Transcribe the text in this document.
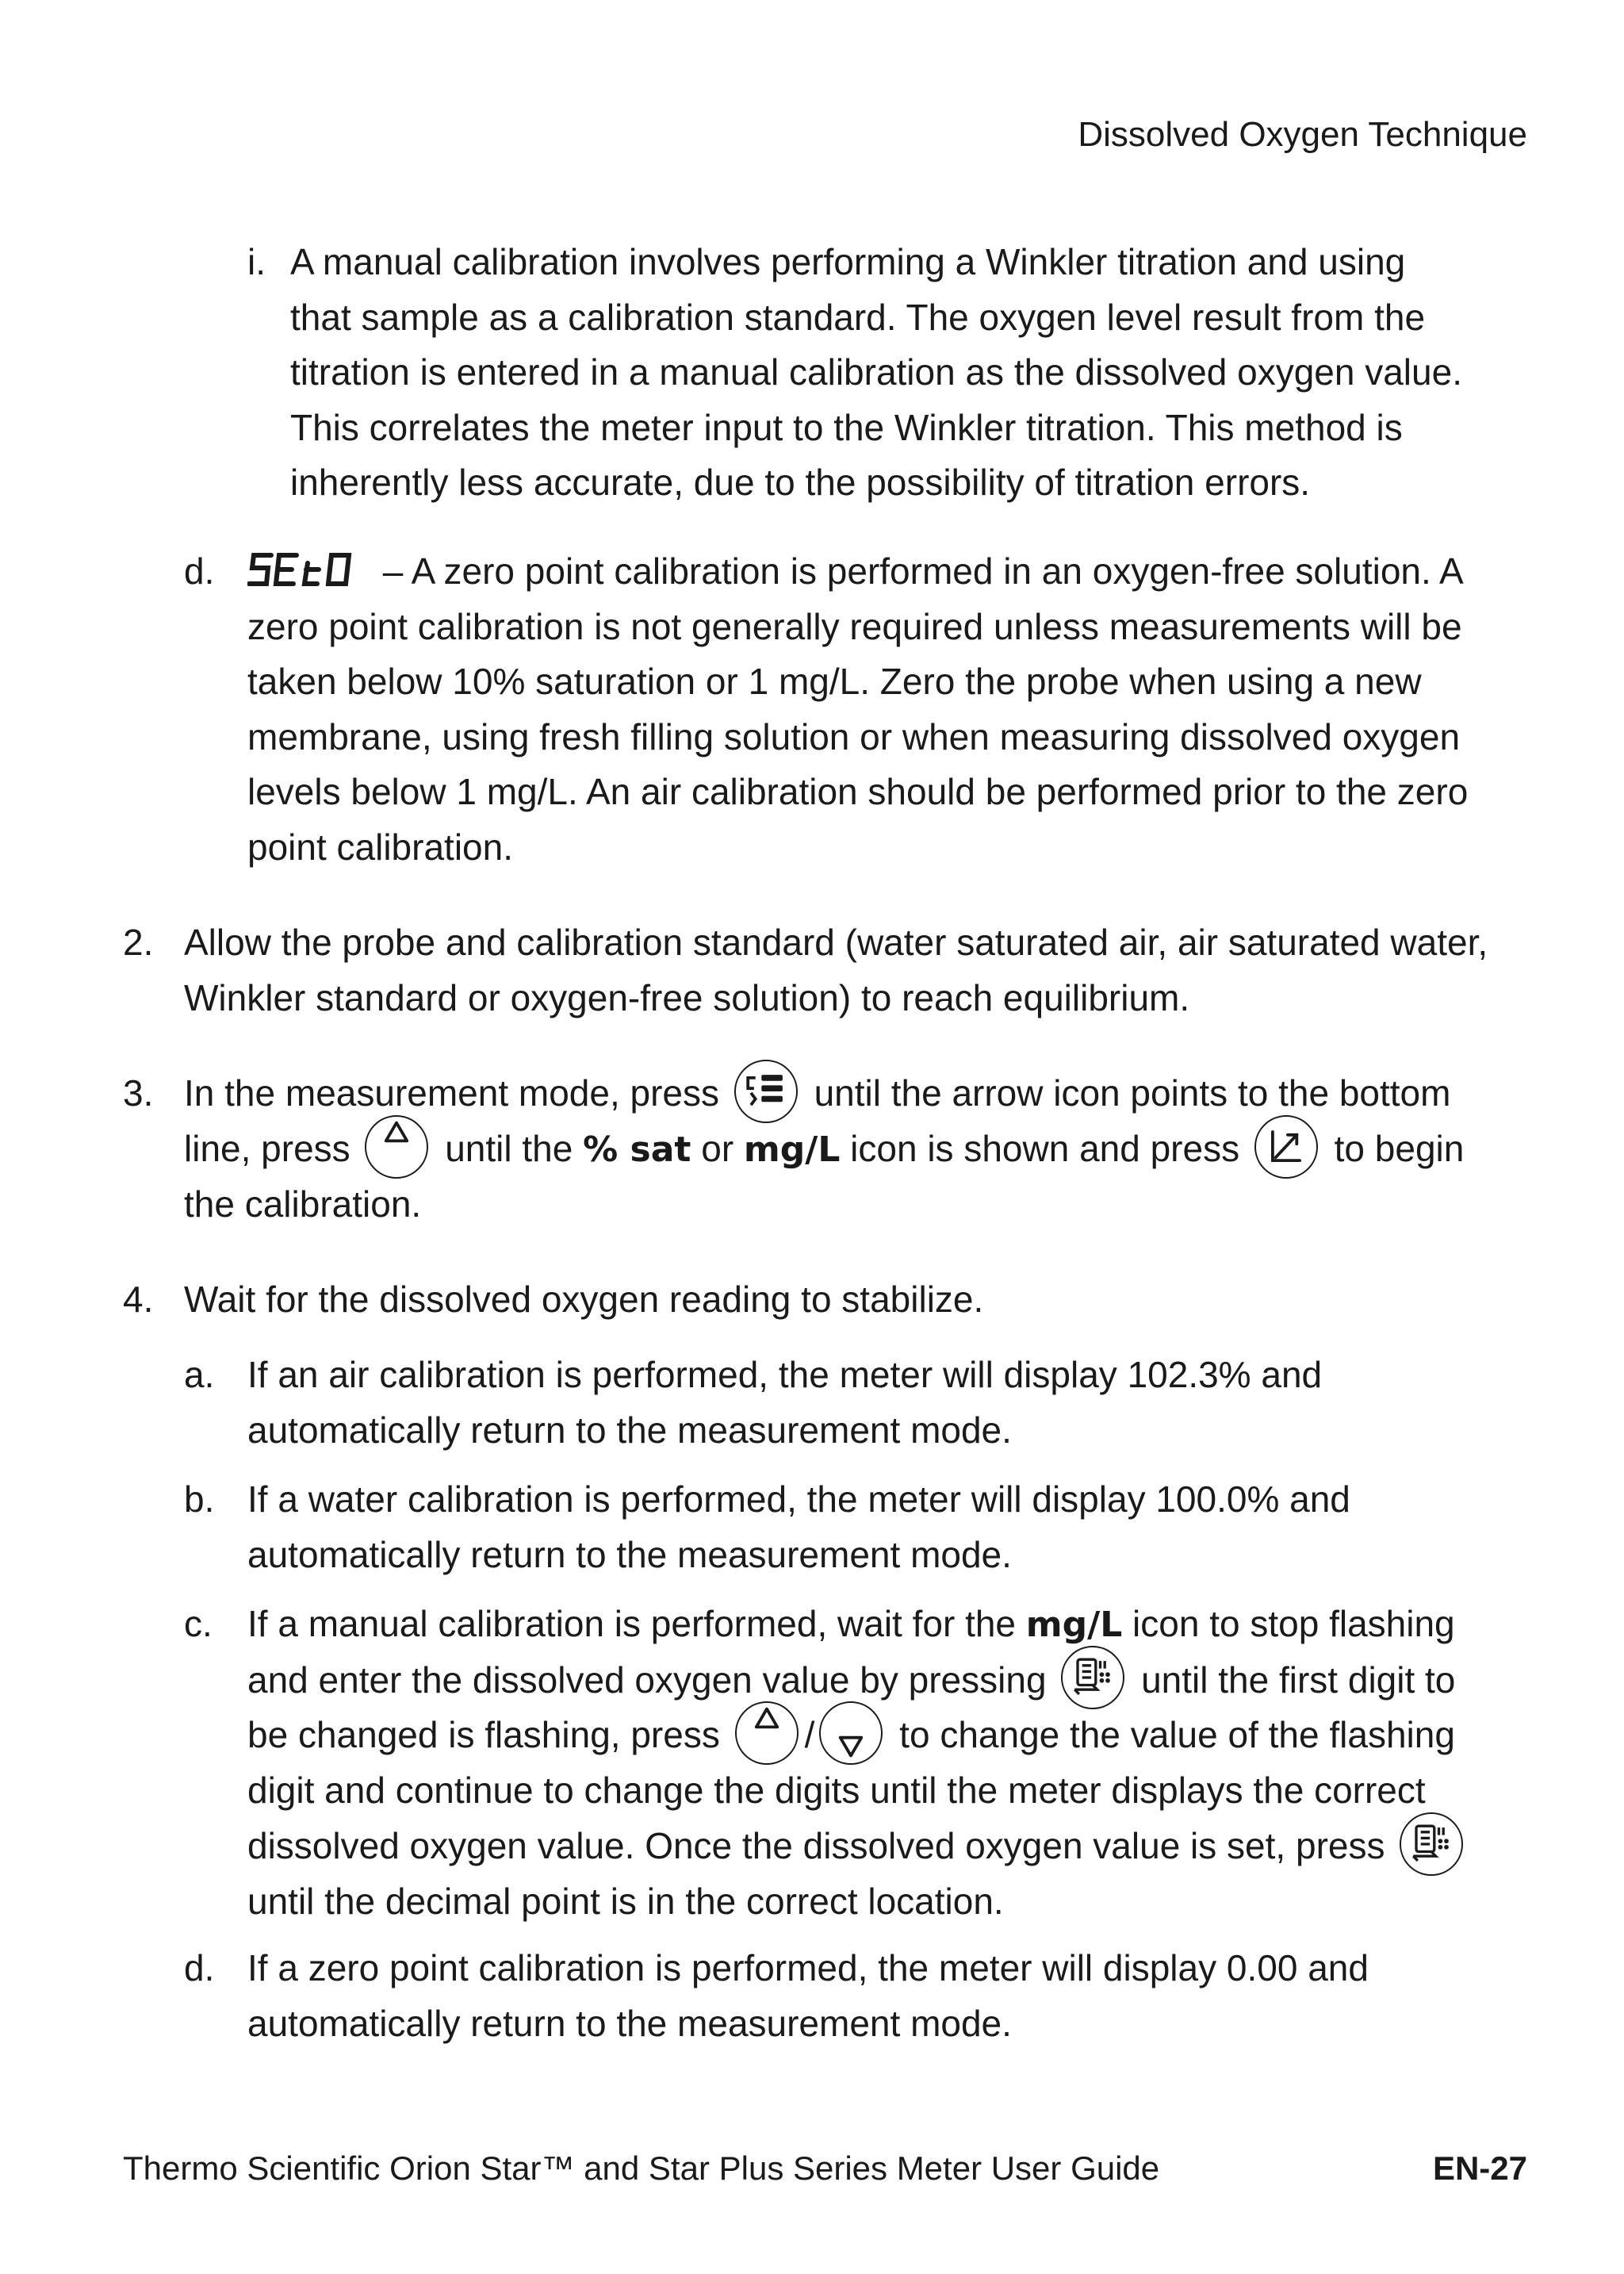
Dissolved Oxygen Technique
i. A manual calibration involves performing a Winkler titration and using
that sample as a calibration standard. The oxygen level result from the
titration is entered in a manual calibration as the dissolved oxygen value.
This correlates the meter input to the Winkler titration. This method is
inherently less accurate, due to the possibility of titration errors.
d.	– A zero point calibration is performed in an oxygen-free solution. A
zero point calibration is not generally required unless measurements will be
taken below 10% saturation or 1 mg/L. Zero the probe when using a new
membrane, using fresh filling solution or when measuring dissolved oxygen
levels below 1 mg/L. An air calibration should be performed prior to the zero
point calibration.
2. Allow the probe and calibration standard (water saturated air, air saturated water,
Winkler standard or oxygen-free solution) to reach equilibrium.
3. In the measurement mode, press	until the arrow icon points to the bottom
line, press	until the % sat or mg/L icon is shown and press	to begin
the calibration.
4. Wait for the dissolved oxygen reading to stabilize.
a. If an air calibration is performed, the meter will display 102.3% and
automatically return to the measurement mode.
b. If a water calibration is performed, the meter will display 100.0% and
automatically return to the measurement mode.
c. If a manual calibration is performed, wait for the mg/L icon to stop flashing
and enter the dissolved oxygen value by pressing	until the first digit to
be changed is flashing, press / to change the value of the flashing
digit and continue to change the digits until the meter displays the correct
dissolved oxygen value. Once the dissolved oxygen value is set, press
until the decimal point is in the correct location.
d. If a zero point calibration is performed, the meter will display 0.00 and
automatically return to the measurement mode.
Thermo Scientific Orion Star™ and Star Plus Series Meter User Guide	EN-27
